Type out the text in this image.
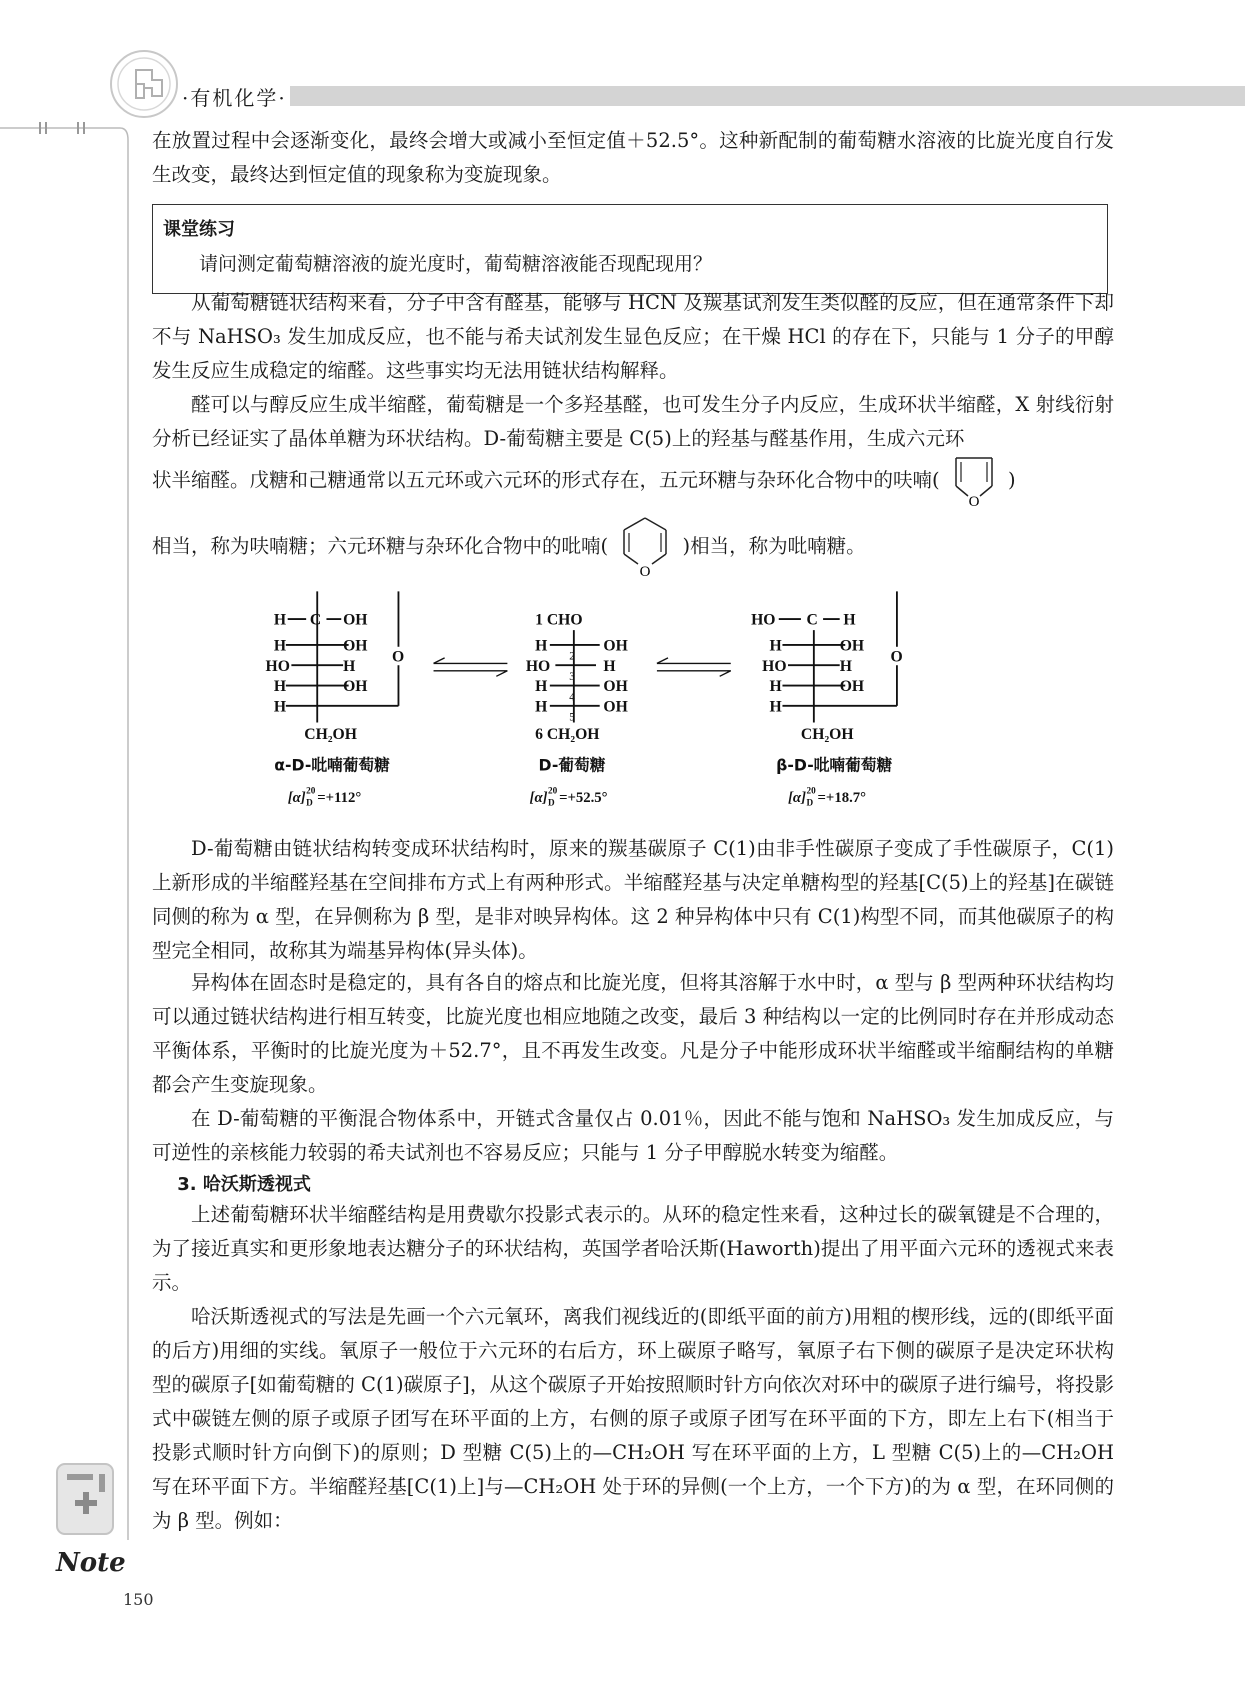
·有机化学·
在放置过程中会逐渐变化，最终会增大或减小至恒定值＋52.5°。这种新配制的葡萄糖水溶液的比旋光度自行发生改变，最终达到恒定值的现象称为变旋现象。
课堂练习
请问测定葡萄糖溶液的旋光度时，葡萄糖溶液能否现配现用？
从葡萄糖链状结构来看，分子中含有醛基，能够与 HCN 及羰基试剂发生类似醛的反应，但在通常条件下却不与 NaHSO₃ 发生加成反应，也不能与希夫试剂发生显色反应；在干燥 HCl 的存在下，只能与 1 分子的甲醇发生反应生成稳定的缩醛。这些事实均无法用链状结构解释。
醛可以与醇反应生成半缩醛，葡萄糖是一个多羟基醛，也可发生分子内反应，生成环状半缩醛，X 射线衍射分析已经证实了晶体单糖为环状结构。D-葡萄糖主要是 C(5)上的羟基与醛基作用，生成六元环
状半缩醛。戊糖和己糖通常以五元环或六元环的形式存在，五元环糖与杂环化合物中的呋喃(
O
)
相当，称为呋喃糖；六元环糖与杂环化合物中的吡喃(
O
)相当，称为吡喃糖。
H C OH
H	OH
HO	H
H	OH
H
O
CH₂OH
1 CHO
H	OH
HO	H
H	OH
H	OH
2
3
4
5
6 CH₂OH
HO C H
H	OH
HO	H
H	OH
H
O
CH₂OH
α-D-吡喃葡萄糖	D-葡萄糖	β-D-吡喃葡萄糖
[α] 20
D =+112°	[α] 20
D =+52.5°	[α] 20
D =+18.7°
D-葡萄糖由链状结构转变成环状结构时，原来的羰基碳原子 C(1)由非手性碳原子变成了手性碳原子，C(1)上新形成的半缩醛羟基在空间排布方式上有两种形式。半缩醛羟基与决定单糖构型的羟基[C(5)上的羟基]在碳链同侧的称为 α 型，在异侧称为 β 型，是非对映异构体。这 2 种异构体中只有 C(1)构型不同，而其他碳原子的构型完全相同，故称其为端基异构体(异头体)。
异构体在固态时是稳定的，具有各自的熔点和比旋光度，但将其溶解于水中时，α 型与 β 型两种环状结构均可以通过链状结构进行相互转变，比旋光度也相应地随之改变，最后 3 种结构以一定的比例同时存在并形成动态平衡体系，平衡时的比旋光度为＋52.7°，且不再发生改变。凡是分子中能形成环状半缩醛或半缩酮结构的单糖都会产生变旋现象。
在 D-葡萄糖的平衡混合物体系中，开链式含量仅占 0.01％，因此不能与饱和 NaHSO₃ 发生加成反应，与可逆性的亲核能力较弱的希夫试剂也不容易反应；只能与 1 分子甲醇脱水转变为缩醛。
3. 哈沃斯透视式
上述葡萄糖环状半缩醛结构是用费歇尔投影式表示的。从环的稳定性来看，这种过长的碳氧键是不合理的，为了接近真实和更形象地表达糖分子的环状结构，英国学者哈沃斯(Haworth)提出了用平面六元环的透视式来表示。
哈沃斯透视式的写法是先画一个六元氧环，离我们视线近的(即纸平面的前方)用粗的楔形线，远的(即纸平面的后方)用细的实线。氧原子一般位于六元环的右后方，环上碳原子略写，氧原子右下侧的碳原子是决定环状构型的碳原子[如葡萄糖的 C(1)碳原子]，从这个碳原子开始按照顺时针方向依次对环中的碳原子进行编号，将投影式中碳链左侧的原子或原子团写在环平面的上方，右侧的原子或原子团写在环平面的下方，即左上右下(相当于投影式顺时针方向倒下)的原则；D 型糖 C(5)上的—CH₂OH 写在环平面的上方，L 型糖 C(5)上的—CH₂OH 写在环平面下方。半缩醛羟基[C(1)上]与—CH₂OH 处于环的异侧(一个上方，一个下方)的为 α 型，在环同侧的为 β 型。例如：
Note
150
